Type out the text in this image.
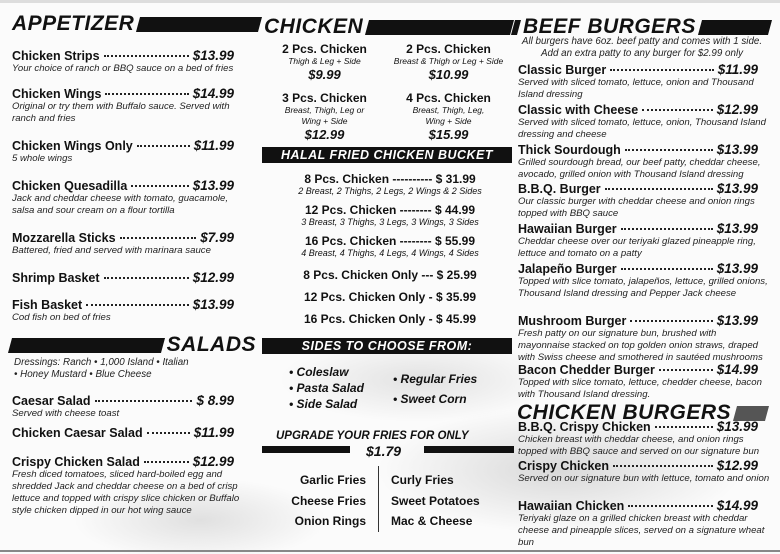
APPETIZER
SALADS
Dressings: Ranch • 1,000 Island • Italian • Honey Mustard • Blue Cheese
CHICKEN
2 Pcs. Chicken
Thigh & Leg + Side
$9.99
2 Pcs. Chicken
Breast & Thigh or Leg + Side
$10.99
3 Pcs. Chicken
Breast, Thigh, Leg or Wing + Side
$12.99
4 Pcs. Chicken
Breast, Thigh, Leg, Wing + Side
$15.99
HALAL FRIED CHICKEN BUCKET
8 Pcs. Chicken ---------- $ 31.99
2 Breast, 2 Thighs, 2 Legs, 2 Wings & 2 Sides
12 Pcs. Chicken -------- $ 44.99
3 Breast, 3 Thighs, 3 Legs, 3 Wings, 3 Sides
16 Pcs. Chicken -------- $ 55.99
4 Breast, 4 Thighs, 4 Legs, 4 Wings, 4 Sides
8 Pcs. Chicken Only --- $ 25.99
12 Pcs. Chicken Only - $ 35.99
16 Pcs. Chicken Only - $ 45.99
SIDES TO CHOOSE FROM:
• Coleslaw
• Pasta Salad
• Side Salad
• Regular Fries
• Sweet Corn
UPGRADE YOUR FRIES FOR ONLY
$1.79
Garlic Fries
Cheese Fries
Onion Rings
Curly Fries
Sweet Potatoes
Mac & Cheese
BEEF BURGERS
All burgers have 6oz. beef patty and comes with 1 side. Add an extra patty to any burger for $2.99 only
CHICKEN BURGERS
Chicken Strips	$13.99
Your choice of ranch or BBQ sauce on a bed of fries
Chicken Wings	$14.99
Original or try them with Buffalo sauce. Served with ranch and fries
Chicken Wings Only	$11.99
5 whole wings
Chicken Quesadilla	$13.99
Jack and cheddar cheese with tomato, guacamole, salsa and sour cream on a flour tortilla
Mozzarella Sticks	$7.99
Battered, fried and served with marinara sauce
Shrimp Basket	$12.99
Fish Basket	$13.99
Cod fish on bed of fries
Caesar Salad	$ 8.99
Served with cheese toast
Chicken Caesar Salad	$11.99
Crispy Chicken Salad	$12.99
Fresh diced tomatoes, sliced hard-boiled egg and shredded Jack and cheddar cheese on a bed of crisp lettuce and topped with crispy slice chicken or Buffalo style chicken dipped in our hot wing sauce
Classic Burger	$11.99
Served with sliced tomato, lettuce, onion and Thousand Island dressing
Classic with Cheese	$12.99
Served with sliced tomato, lettuce, onion, Thousand Island dressing and cheese
Thick Sourdough	$13.99
Grilled sourdough bread, our beef patty, cheddar cheese, avocado, grilled onion with Thousand Island dressing
B.B.Q. Burger	$13.99
Our classic burger with cheddar cheese and onion rings topped with BBQ sauce
Hawaiian Burger	$13.99
Cheddar cheese over our teriyaki glazed pineapple ring, lettuce and tomato on a patty
Jalapeño Burger	$13.99
Topped with slice tomato, jalapeños, lettuce, grilled onions, Thousand Island dressing and Pepper Jack cheese
Mushroom Burger	$13.99
Fresh patty on our signature bun, brushed with mayonnaise stacked on top golden onion straws, draped with Swiss cheese and smothered in sautéed mushrooms
Bacon Chedder Burger	$14.99
Topped with slice tomato, lettuce, chedder cheese, bacon with Thousand Island dressing.
B.B.Q. Crispy Chicken	$13.99
Chicken breast with cheddar cheese, and onion rings topped with BBQ sauce and served on our signature bun
Crispy Chicken	$12.99
Served on our signature bun with lettuce, tomato and onion
Hawaiian Chicken	$14.99
Teriyaki glaze on a grilled chicken breast with cheddar cheese and pineapple slices, served on a signature wheat bun
